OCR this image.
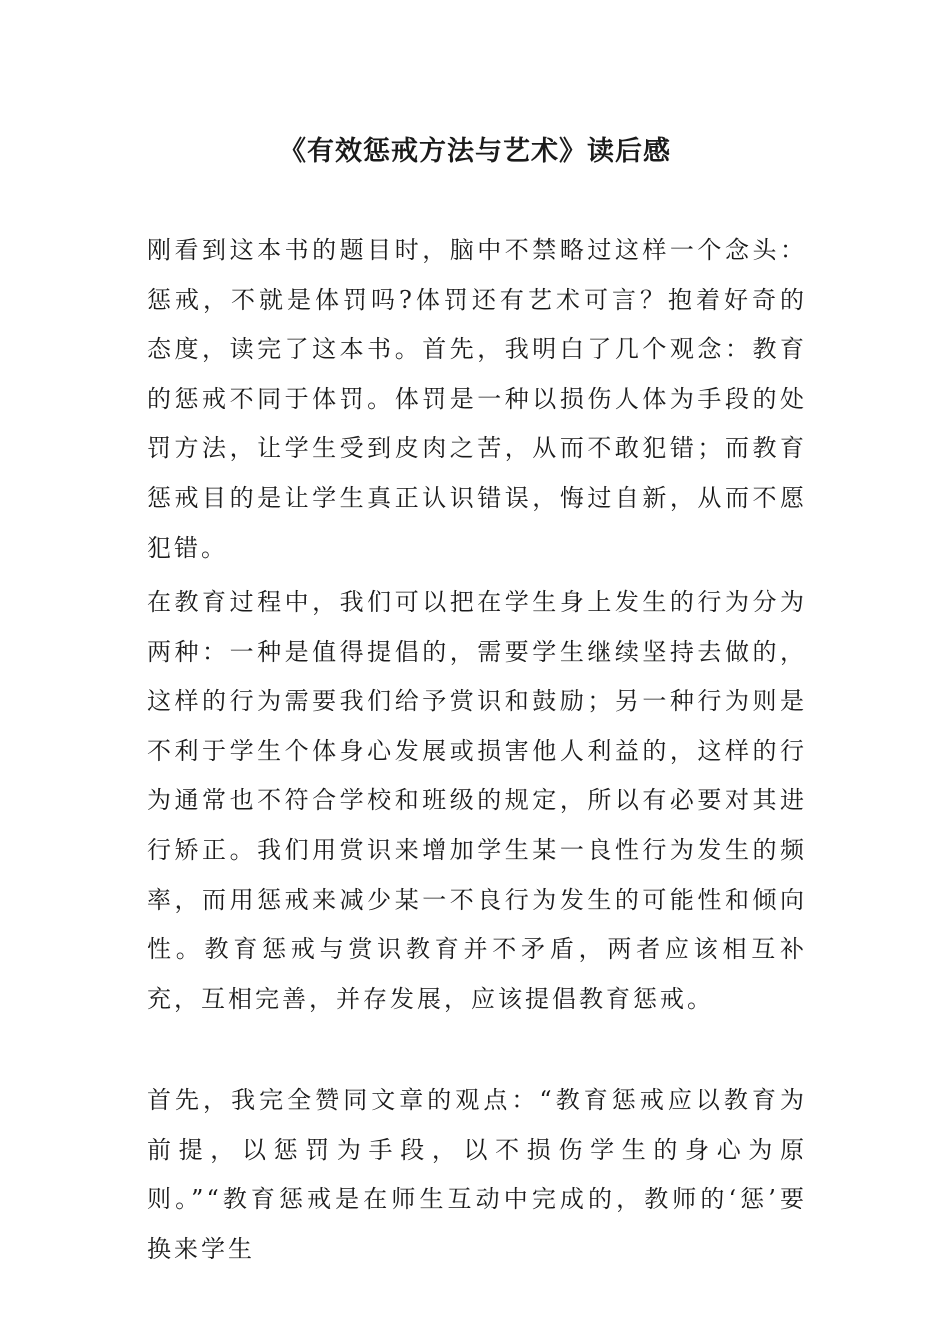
《有效惩戒方法与艺术》读后感

刚看到这本书的题目时，脑中不禁略过这样一个念头：惩戒，不就是体罚吗?体罚还有艺术可言？抱着好奇的态度，读完了这本书。首先，我明白了几个观念：教育的惩戒不同于体罚。体罚是一种以损伤人体为手段的处罚方法，让学生受到皮肉之苦，从而不敢犯错；而教育惩戒目的是让学生真正认识错误，悔过自新，从而不愿犯错。

在教育过程中，我们可以把在学生身上发生的行为分为两种：一种是值得提倡的，需要学生继续坚持去做的，这样的行为需要我们给予赏识和鼓励；另一种行为则是不利于学生个体身心发展或损害他人利益的，这样的行为通常也不符合学校和班级的规定，所以有必要对其进行矫正。我们用赏识来增加学生某一良性行为发生的频率，而用惩戒来减少某一不良行为发生的可能性和倾向性。教育惩戒与赏识教育并不矛盾，两者应该相互补充，互相完善，并存发展，应该提倡教育惩戒。

首先，我完全赞同文章的观点：“教育惩戒应以教育为前提，以惩罚为手段，以不损伤学生的身心为原则。”“教育惩戒是在师生互动中完成的，教师的‘惩’要换来学生
